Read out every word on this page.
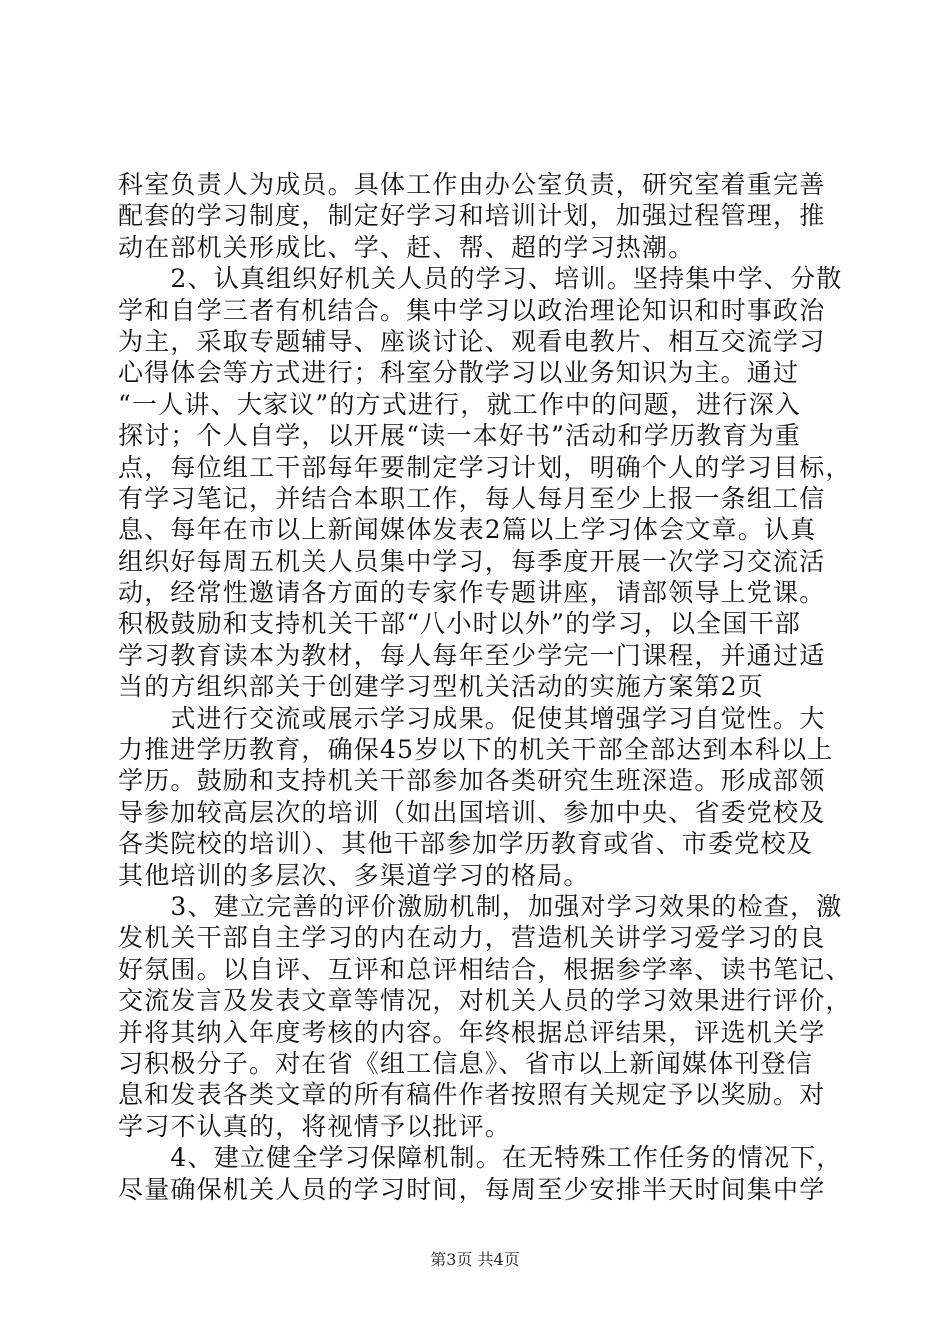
科室负责人为成员。具体工作由办公室负责，研究室着重完善
配套的学习制度，制定好学习和培训计划，加强过程管理，推
动在部机关形成比、学、赶、帮、超的学习热潮。
　　2、认真组织好机关人员的学习、培训。坚持集中学、分散
学和自学三者有机结合。集中学习以政治理论知识和时事政治
为主，采取专题辅导、座谈讨论、观看电教片、相互交流学习
心得体会等方式进行；科室分散学习以业务知识为主。通过
“一人讲、大家议”的方式进行，就工作中的问题，进行深入
探讨；个人自学，以开展“读一本好书”活动和学历教育为重
点，每位组工干部每年要制定学习计划，明确个人的学习目标，
有学习笔记，并结合本职工作，每人每月至少上报一条组工信
息、每年在市以上新闻媒体发表2篇以上学习体会文章。认真
组织好每周五机关人员集中学习，每季度开展一次学习交流活
动，经常性邀请各方面的专家作专题讲座，请部领导上党课。
积极鼓励和支持机关干部“八小时以外”的学习，以全国干部
学习教育读本为教材，每人每年至少学完一门课程，并通过适
当的方组织部关于创建学习型机关活动的实施方案第2页
　　式进行交流或展示学习成果。促使其增强学习自觉性。大
力推进学历教育，确保45岁以下的机关干部全部达到本科以上
学历。鼓励和支持机关干部参加各类研究生班深造。形成部领
导参加较高层次的培训（如出国培训、参加中央、省委党校及
各类院校的培训）、其他干部参加学历教育或省、市委党校及
其他培训的多层次、多渠道学习的格局。
　　3、建立完善的评价激励机制，加强对学习效果的检查，激
发机关干部自主学习的内在动力，营造机关讲学习爱学习的良
好氛围。以自评、互评和总评相结合，根据参学率、读书笔记、
交流发言及发表文章等情况，对机关人员的学习效果进行评价，
并将其纳入年度考核的内容。年终根据总评结果，评选机关学
习积极分子。对在省《组工信息》、省市以上新闻媒体刊登信
息和发表各类文章的所有稿件作者按照有关规定予以奖励。对
学习不认真的，将视情予以批评。
　　4、建立健全学习保障机制。在无特殊工作任务的情况下，
尽量确保机关人员的学习时间，每周至少安排半天时间集中学
第3页 共4页
